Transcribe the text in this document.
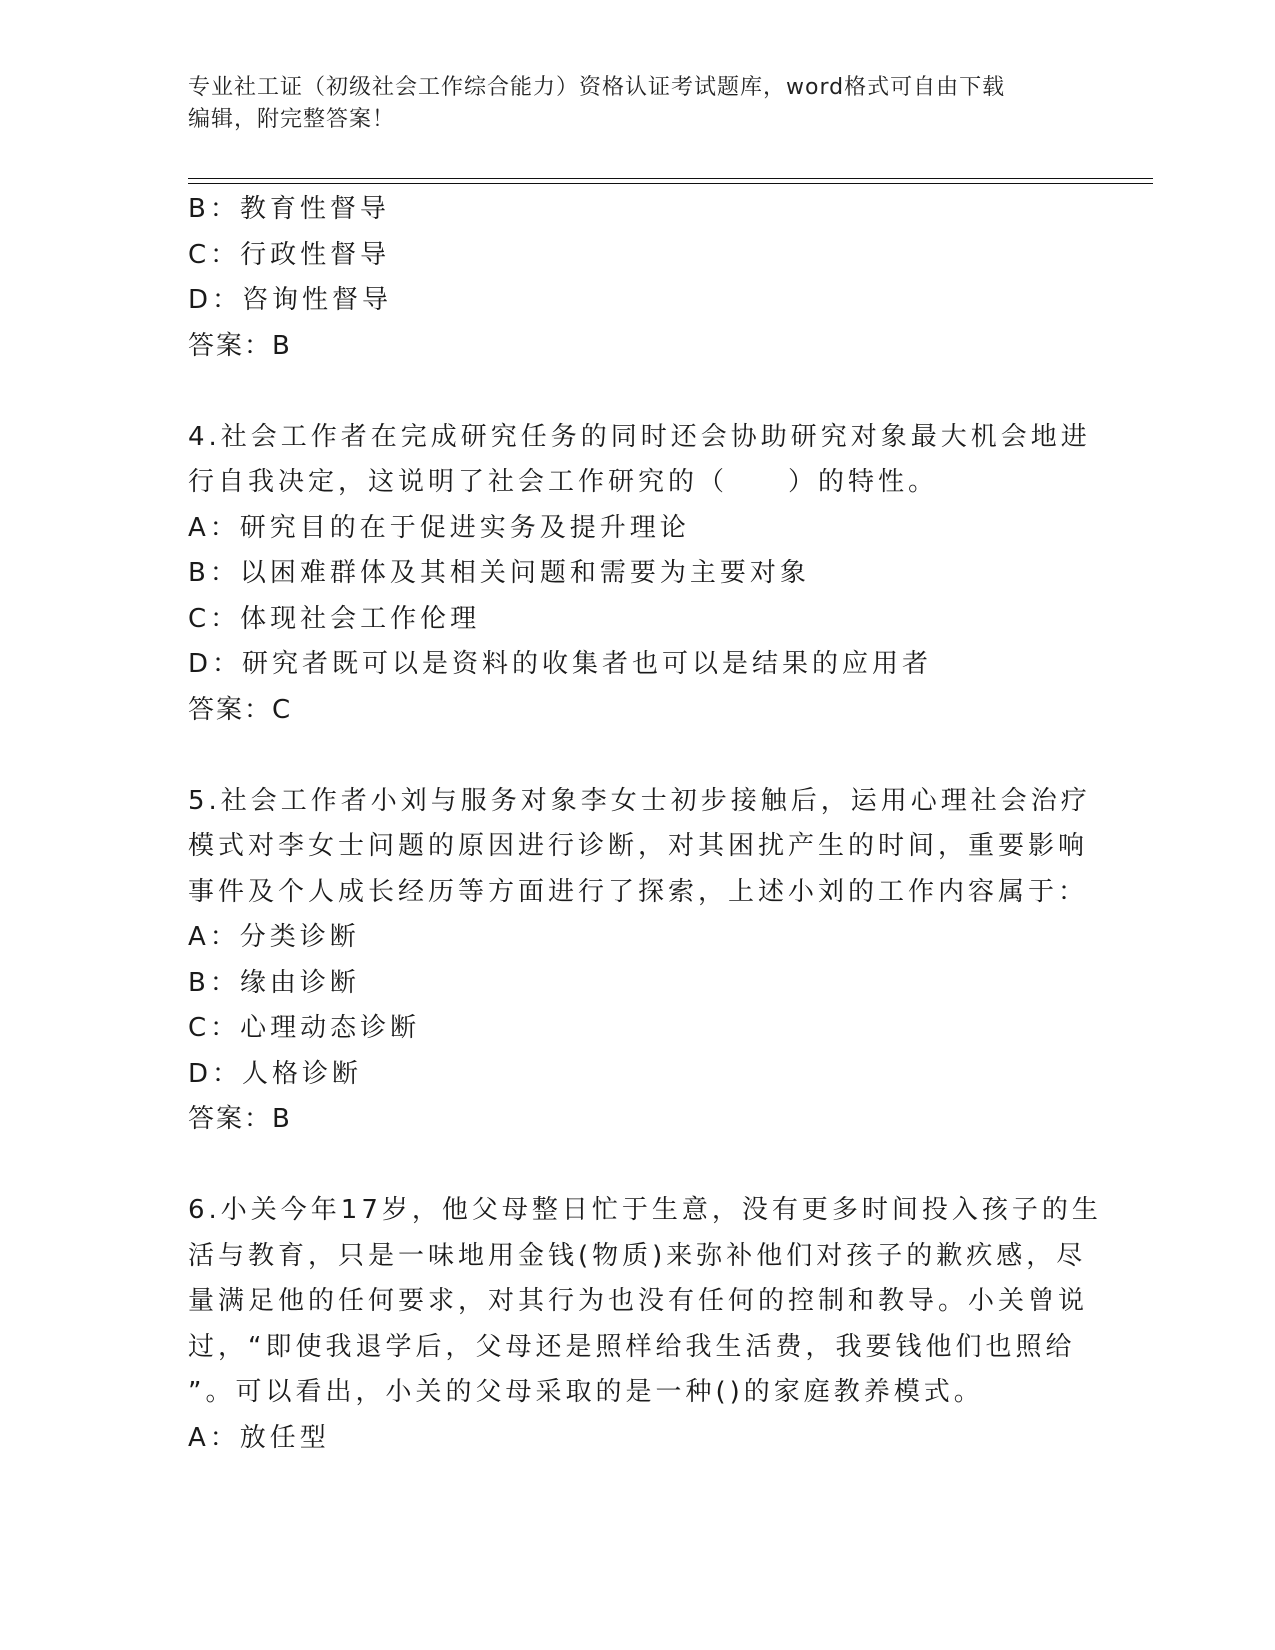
专业社工证（初级社会工作综合能力）资格认证考试题库，word格式可自由下载
编辑，附完整答案！
B：教育性督导
C：行政性督导
D：咨询性督导
答案：B
4.社会工作者在完成研究任务的同时还会协助研究对象最大机会地进
行自我决定，这说明了社会工作研究的（　　）的特性。
A：研究目的在于促进实务及提升理论
B：以困难群体及其相关问题和需要为主要对象
C：体现社会工作伦理
D：研究者既可以是资料的收集者也可以是结果的应用者
答案：C
5.社会工作者小刘与服务对象李女士初步接触后，运用心理社会治疗
模式对李女士问题的原因进行诊断，对其困扰产生的时间，重要影响
事件及个人成长经历等方面进行了探索，上述小刘的工作内容属于：
A：分类诊断
B：缘由诊断
C：心理动态诊断
D：人格诊断
答案：B
6.小关今年17岁，他父母整日忙于生意，没有更多时间投入孩子的生
活与教育，只是一味地用金钱(物质)来弥补他们对孩子的歉疚感，尽
量满足他的任何要求，对其行为也没有任何的控制和教导。小关曾说
过，“即使我退学后，父母还是照样给我生活费，我要钱他们也照给
”。可以看出，小关的父母采取的是一种()的家庭教养模式。
A：放任型
